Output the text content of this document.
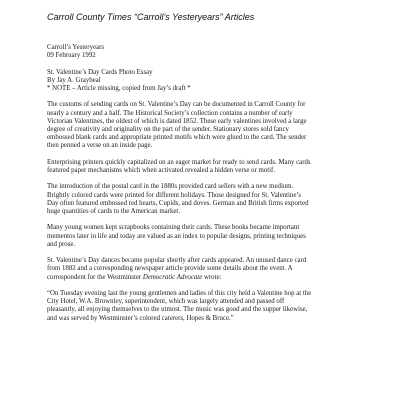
Carroll County Times “Carroll’s Yesteryears” Articles

Carroll’s Yesteryears
09 February 1992

St. Valentine’s Day Cards Photo Essay
By Jay A. Graybeal
* NOTE – Article missing, copied from Jay’s draft *

The customs of sending cards on St. Valentine’s Day can be documented in Carroll County for
nearly a century and a half. The Historical Society’s collection contains a number of early
Victorian Valentines, the oldest of which is dated 1852. These early valentines involved a large
degree of creativity and originality on the part of the sender. Stationary stores sold fancy
embossed blank cards and appropriate printed motifs which were glued to the card. The sender
then penned a verse on an inside page.

Enterprising printers quickly capitalized on an eager market for ready to send cards. Many cards
featured paper mechanisms which when activated revealed a hidden verse or motif.

The introduction of the postal card in the 1880s provided card sellers with a new medium.
Brightly colored cards were printed for different holidays. Those designed for St. Valentine’s
Day often featured embossed red hearts, Cupids, and doves. German and British firms exported
huge quantities of cards to the American market.

Many young women kept scrapbooks containing their cards. These books became important
mementos later in life and today are valued as an index to popular designs, printing techniques
and prose.

St. Valentine’s Day dances became popular shortly after cards appeared. An unused dance card
from 1882 and a corresponding newspaper article provide some details about the event. A
correspondent for the Westminster Democratic Advocate wrote:

“On Tuesday evening last the young gentlemen and ladies of this city held a Valentine hop at the
City Hotel, W.A. Brownley, superintendent, which was largely attended and passed off
pleasantly, all enjoying themselves to the utmost. The music was good and the supper likewise,
and was served by Westminster’s colored caterers, Hopes & Bruce.”
